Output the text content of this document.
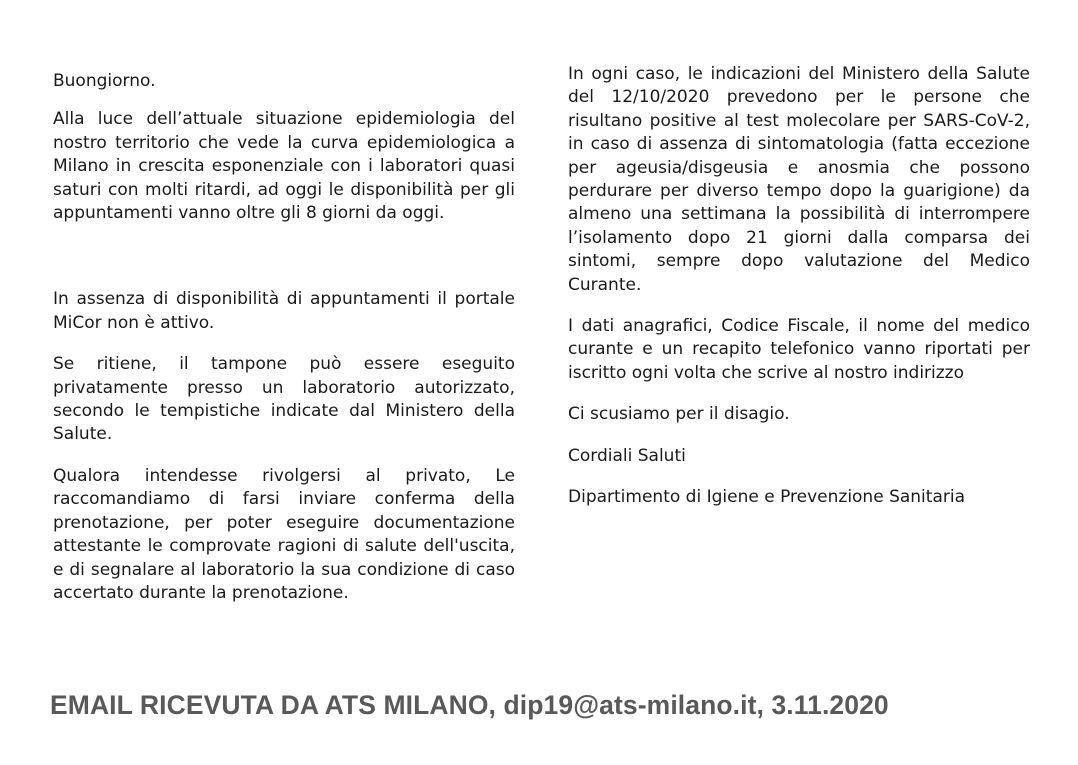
Buongiorno.

Alla luce dell’attuale situazione epidemiologia del nostro territorio che vede la curva epidemiologica a Milano in crescita esponenziale con i laboratori quasi saturi con molti ritardi, ad oggi le disponibilità per gli appuntamenti vanno oltre gli 8 giorni da oggi.

In assenza di disponibilità di appuntamenti il portale MiCor non è attivo.

Se ritiene, il tampone può essere eseguito privatamente presso un laboratorio autorizzato, secondo le tempistiche indicate dal Ministero della Salute.

Qualora intendesse rivolgersi al privato, Le raccomandiamo di farsi inviare conferma della prenotazione, per poter eseguire documentazione attestante le comprovate ragioni di salute dell'uscita, e di segnalare al laboratorio la sua condizione di caso accertato durante la prenotazione.

In ogni caso, le indicazioni del Ministero della Salute del 12/10/2020 prevedono per le persone che risultano positive al test molecolare per SARS-CoV-2, in caso di assenza di sintomatologia (fatta eccezione per ageusia/disgeusia e anosmia che possono perdurare per diverso tempo dopo la guarigione) da almeno una settimana la possibilità di interrompere l’isolamento dopo 21 giorni dalla comparsa dei sintomi, sempre dopo valutazione del Medico Curante.

I dati anagrafici, Codice Fiscale, il nome del medico curante e un recapito telefonico vanno riportati per iscritto ogni volta che scrive al nostro indirizzo

Ci scusiamo per il disagio.

Cordiali Saluti

Dipartimento di Igiene e Prevenzione Sanitaria

EMAIL RICEVUTA DA ATS MILANO, dip19@ats-milano.it, 3.11.2020
